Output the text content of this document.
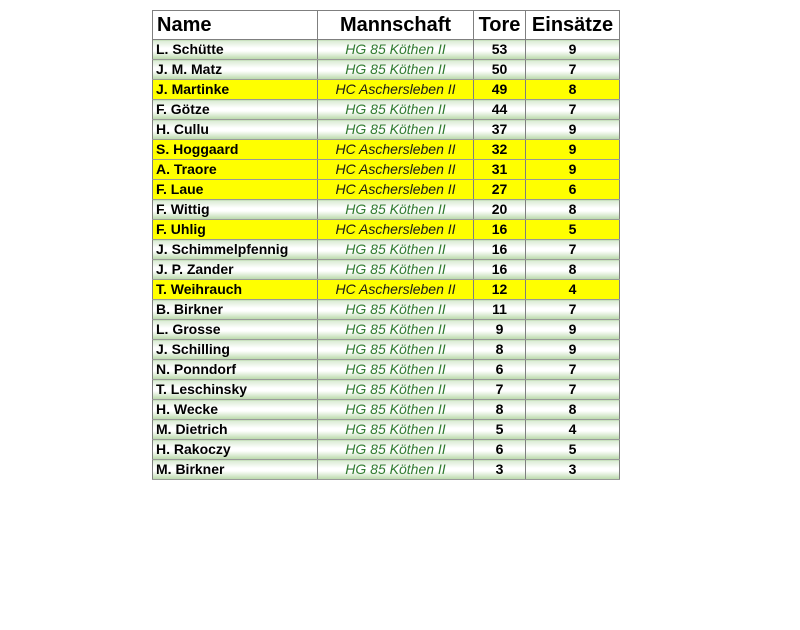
Name	Mannschaft	Tore	Einsätze
L. Schütte	HG 85 Köthen II	53	9
J. M. Matz	HG 85 Köthen II	50	7
J. Martinke	HC Aschersleben II	49	8
F. Götze	HG 85 Köthen II	44	7
H. Cullu	HG 85 Köthen II	37	9
S. Hoggaard	HC Aschersleben II	32	9
A. Traore	HC Aschersleben II	31	9
F. Laue	HC Aschersleben II	27	6
F. Wittig	HG 85 Köthen II	20	8
F. Uhlig	HC Aschersleben II	16	5
J. Schimmelpfennig	HG 85 Köthen II	16	7
J. P. Zander	HG 85 Köthen II	16	8
T. Weihrauch	HC Aschersleben II	12	4
B. Birkner	HG 85 Köthen II	11	7
L. Grosse	HG 85 Köthen II	9	9
J. Schilling	HG 85 Köthen II	8	9
N. Ponndorf	HG 85 Köthen II	6	7
T. Leschinsky	HG 85 Köthen II	7	7
H. Wecke	HG 85 Köthen II	8	8
M. Dietrich	HG 85 Köthen II	5	4
H. Rakoczy	HG 85 Köthen II	6	5
M. Birkner	HG 85 Köthen II	3	3
